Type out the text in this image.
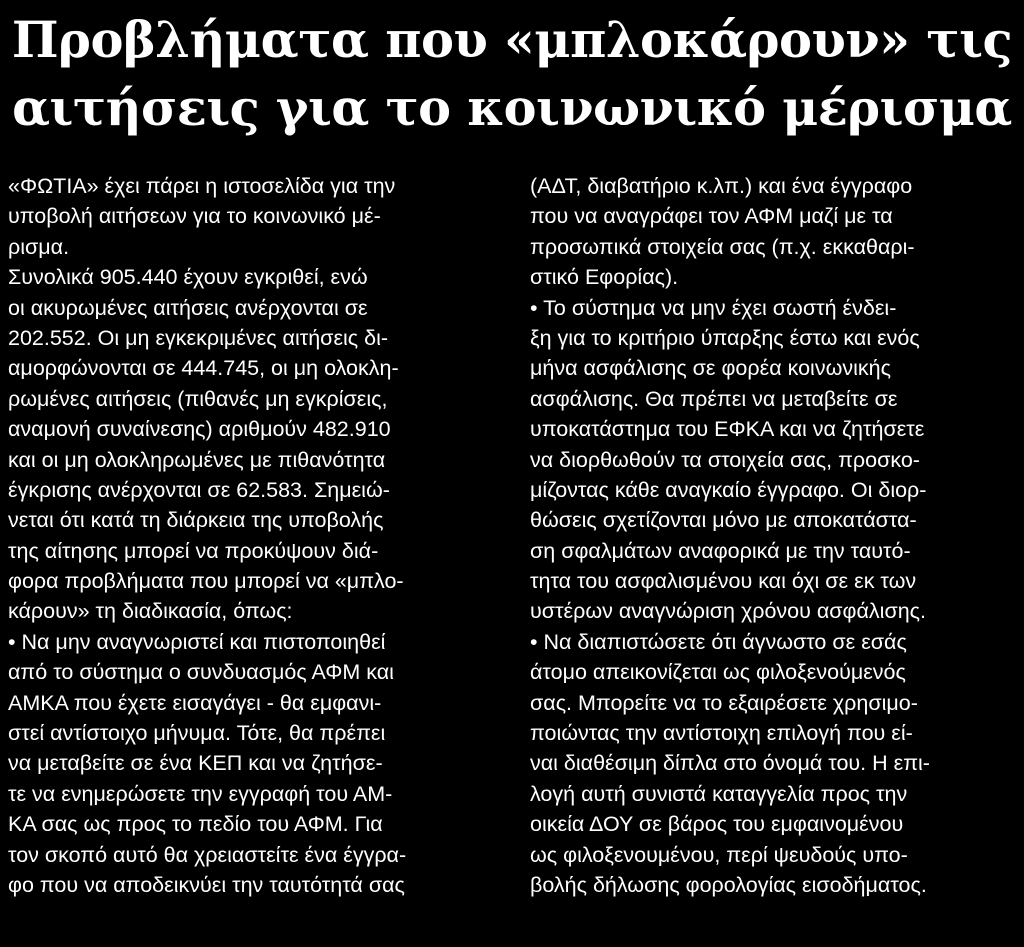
Προβλήματα που «μπλοκάρουν» τις
αιτήσεις για το κοινωνικό μέρισμα
«ΦΩΤΙΑ» έχει πάρει η ιστοσελίδα για την
υποβολή αιτήσεων για το κοινωνικό μέ-
ρισμα.
Συνολικά 905.440 έχουν εγκριθεί, ενώ
οι ακυρωμένες αιτήσεις ανέρχονται σε
202.552. Οι μη εγκεκριμένες αιτήσεις δι-
αμορφώνονται σε 444.745, οι μη ολοκλη-
ρωμένες αιτήσεις (πιθανές μη εγκρίσεις,
αναμονή συναίνεσης) αριθμούν 482.910
και οι μη ολοκληρωμένες με πιθανότητα
έγκρισης ανέρχονται σε 62.583. Σημειώ-
νεται ότι κατά τη διάρκεια της υποβολής
της αίτησης μπορεί να προκύψουν διά-
φορα προβλήματα που μπορεί να «μπλο-
κάρουν» τη διαδικασία, όπως:
• Να μην αναγνωριστεί και πιστοποιηθεί
από το σύστημα ο συνδυασμός ΑΦΜ και
ΑΜΚΑ που έχετε εισαγάγει - θα εμφανι-
στεί αντίστοιχο μήνυμα. Τότε, θα πρέπει
να μεταβείτε σε ένα ΚΕΠ και να ζητήσε-
τε να ενημερώσετε την εγγραφή του ΑΜ-
ΚΑ σας ως προς το πεδίο του ΑΦΜ. Για
τον σκοπό αυτό θα χρειαστείτε ένα έγγρα-
φο που να αποδεικνύει την ταυτότητά σας
(ΑΔΤ, διαβατήριο κ.λπ.) και ένα έγγραφο
που να αναγράφει τον ΑΦΜ μαζί με τα
προσωπικά στοιχεία σας (π.χ. εκκαθαρι-
στικό Εφορίας).
• Το σύστημα να μην έχει σωστή ένδει-
ξη για το κριτήριο ύπαρξης έστω και ενός
μήνα ασφάλισης σε φορέα κοινωνικής
ασφάλισης. Θα πρέπει να μεταβείτε σε
υποκατάστημα του ΕΦΚΑ και να ζητήσετε
να διορθωθούν τα στοιχεία σας, προσκο-
μίζοντας κάθε αναγκαίο έγγραφο. Οι διορ-
θώσεις σχετίζονται μόνο με αποκατάστα-
ση σφαλμάτων αναφορικά με την ταυτό-
τητα του ασφαλισμένου και όχι σε εκ των
υστέρων αναγνώριση χρόνου ασφάλισης.
• Να διαπιστώσετε ότι άγνωστο σε εσάς
άτομο απεικονίζεται ως φιλοξενούμενός
σας. Μπορείτε να το εξαιρέσετε χρησιμο-
ποιώντας την αντίστοιχη επιλογή που εί-
ναι διαθέσιμη δίπλα στο όνομά του. Η επι-
λογή αυτή συνιστά καταγγελία προς την
οικεία ΔΟΥ σε βάρος του εμφαινομένου
ως φιλοξενουμένου, περί ψευδούς υπο-
βολής δήλωσης φορολογίας εισοδήματος.
